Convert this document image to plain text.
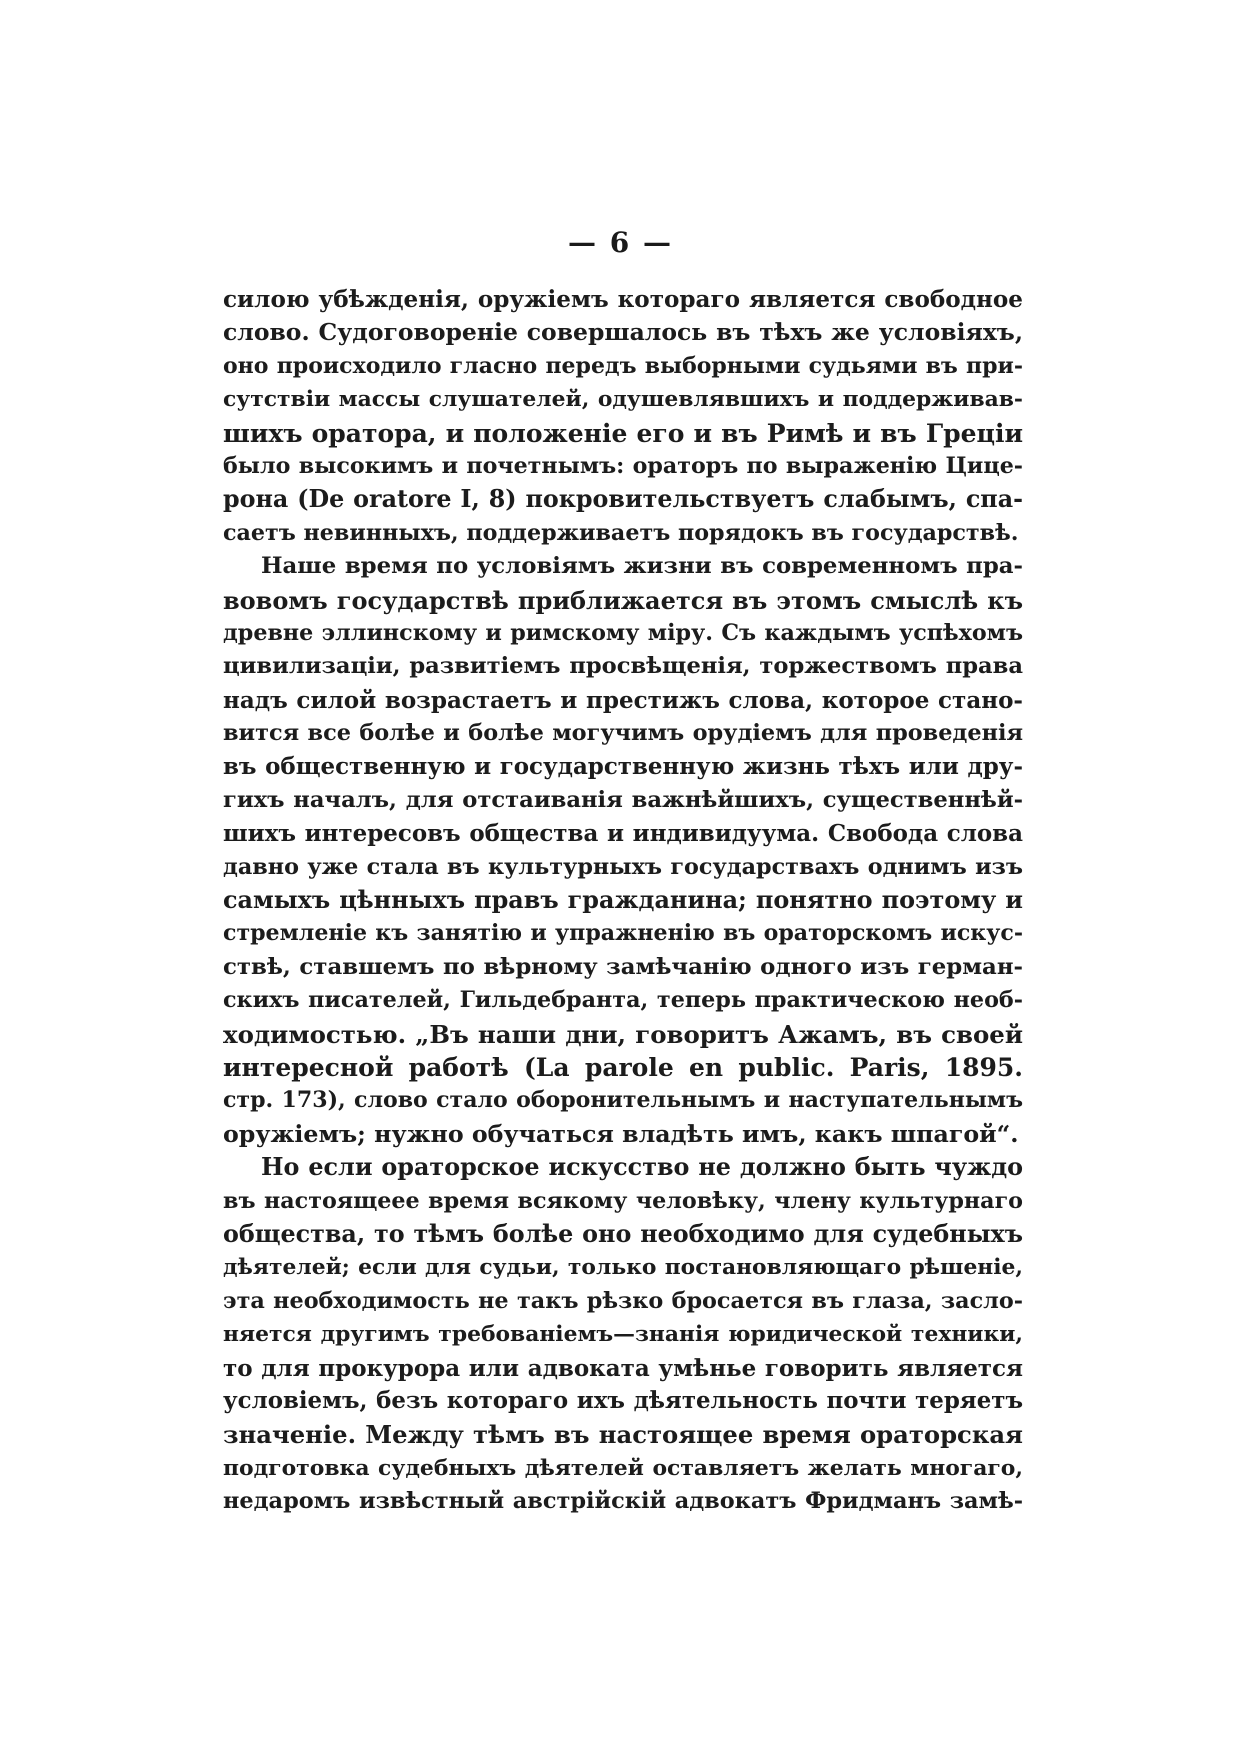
— 6 —
силою убѣжденія, оружіемъ котораго является свободное
слово. Судоговореніе совершалось въ тѣхъ же условіяхъ,
оно происходило гласно передъ выборными судьями въ при-
сутствіи массы слушателей, одушевлявшихъ и поддерживав-
шихъ оратора, и положеніе его и въ Римѣ и въ Греціи
было высокимъ и почетнымъ: ораторъ по выраженію Цице-
рона (De oratore I, 8) покровительствуетъ слабымъ, спа-
саетъ невинныхъ, поддерживаетъ порядокъ въ государствѣ.
Наше время по условіямъ жизни въ современномъ пра-
вовомъ государствѣ приближается въ этомъ смыслѣ къ
древне эллинскому и римскому міру. Съ каждымъ успѣхомъ
цивилизаціи, развитіемъ просвѣщенія, торжествомъ права
надъ силой возрастаетъ и престижъ слова, которое стано-
вится все болѣе и болѣе могучимъ орудіемъ для проведенія
въ общественную и государственную жизнь тѣхъ или дру-
гихъ началъ, для отстаиванія важнѣйшихъ, существеннѣй-
шихъ интересовъ общества и индивидуума. Свобода слова
давно уже стала въ культурныхъ государствахъ однимъ изъ
самыхъ цѣнныхъ правъ гражданина; понятно поэтому и
стремленіе къ занятію и упражненію въ ораторскомъ искус-
ствѣ, ставшемъ по вѣрному замѣчанію одного изъ герман-
скихъ писателей, Гильдебранта, теперь практическою необ-
ходимостью. „Въ наши дни, говоритъ Ажамъ, въ своей
интересной работѣ (La parole en public. Paris, 1895.
стр. 173), слово стало оборонительнымъ и наступательнымъ
оружіемъ; нужно обучаться владѣть имъ, какъ шпагой“.
Но если ораторское искусство не должно быть чуждо
въ настоящеее время всякому человѣку, члену культурнаго
общества, то тѣмъ болѣе оно необходимо для судебныхъ
дѣятелей; если для судьи, только постановляющаго рѣшеніе,
эта необходимость не такъ рѣзко бросается въ глаза, засло-
няется другимъ требованіемъ—знанія юридической техники,
то для прокурора или адвоката умѣнье говорить является
условіемъ, безъ котораго ихъ дѣятельность почти теряетъ
значеніе. Между тѣмъ въ настоящее время ораторская
подготовка судебныхъ дѣятелей оставляетъ желать многаго,
недаромъ извѣстный австрійскій адвокатъ Фридманъ замѣ-
